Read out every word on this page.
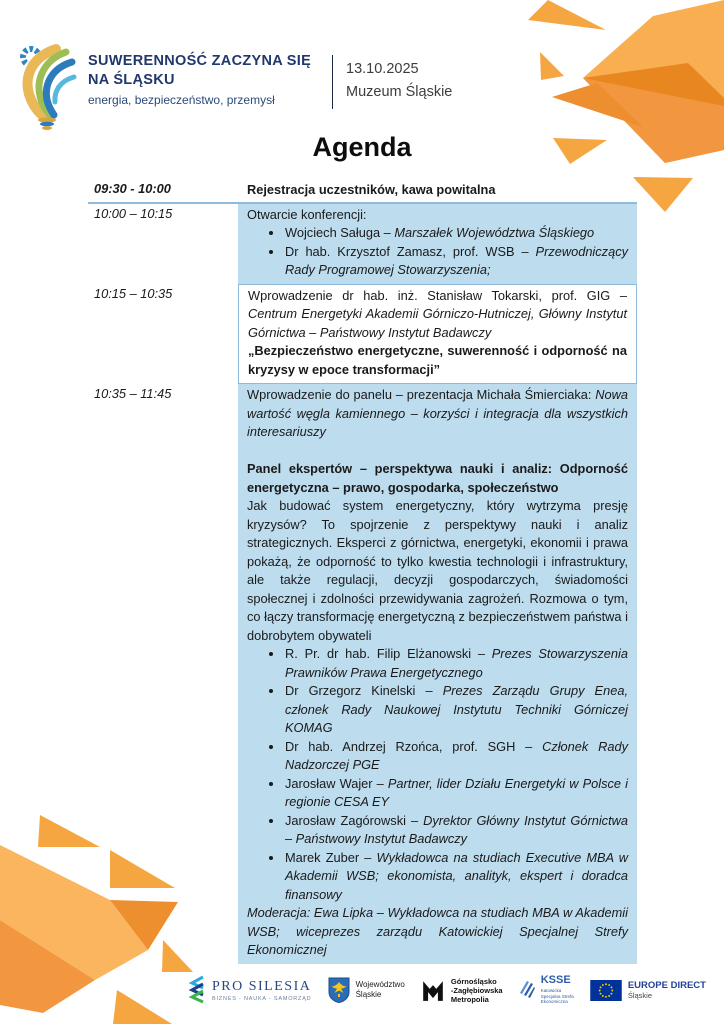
SUWERENNOŚĆ ZACZYNA SIĘ
NA ŚLĄSKU
energia, bezpieczeństwo, przemysł
13.10.2025
Muzeum Śląskie
Agenda
09:30 - 10:00	Rejestracja uczestników, kawa powitalna
10:00 – 10:15	Otwarcie konferencji:

• Wojciech Saługa – Marszałek Województwa Śląskiego
• Dr hab. Krzysztof Zamasz, prof. WSB – Przewodniczący Rady Programowej Stowarzyszenia;
10:15 – 10:35	Wprowadzenie dr hab. inż. Stanisław Tokarski, prof. GIG – Centrum Energetyki Akademii Górniczo-Hutniczej, Główny Instytut Górnictwa – Państwowy Instytut Badawczy

„Bezpieczeństwo energetyczne, suwerenność i odporność na kryzysy w epoce transformacji”

10:35 – 11:45	Wprowadzenie do panelu – prezentacja Michała Śmierciaka: Nowa wartość węgla kamiennego – korzyści i integracja dla wszystkich interesariuszy

Panel ekspertów – perspektywa nauki i analiz: Odporność energetyczna – prawo, gospodarka, społeczeństwo

Jak budować system energetyczny, który wytrzyma presję kryzysów? To spojrzenie z perspektywy nauki i analiz strategicznych. Eksperci z górnictwa, energetyki, ekonomii i prawa pokażą, że odporność to tylko kwestia technologii i infrastruktury, ale także regulacji, decyzji gospodarczych, świadomości społecznej i zdolności przewidywania zagrożeń. Rozmowa o tym, co łączy transformację energetyczną z bezpieczeństwem państwa i dobrobytem obywateli

• R. Pr. dr hab. Filip Elżanowski – Prezes Stowarzyszenia Prawników Prawa Energetycznego
• Dr Grzegorz Kinelski – Prezes Zarządu Grupy Enea, członek Rady Naukowej Instytutu Techniki Górniczej KOMAG
• Dr hab. Andrzej Rzońca, prof. SGH – Członek Rady Nadzorczej PGE
• Jarosław Wajer – Partner, lider Działu Energetyki w Polsce i regionie CESA EY
• Jarosław Zagórowski – Dyrektor Główny Instytut Górnictwa – Państwowy Instytut Badawczy
• Marek Zuber – Wykładowca na studiach Executive MBA w Akademii WSB; ekonomista, analityk, ekspert i doradca finansowy

Moderacja: Ewa Lipka – Wykładowca na studiach MBA w Akademii WSB; wiceprezes zarządu Katowickiej Specjalnej Strefy Ekonomicznej

PRO SILESIA
BIZNES - NAUKA - SAMORZĄD
Województwo
Śląskie
Górnośląsko
-Zagłębiowska
Metropolia
KSSE
Katowicka
Specjalna Strefa
Ekonomiczna
EUROPE DIRECT
Śląskie
